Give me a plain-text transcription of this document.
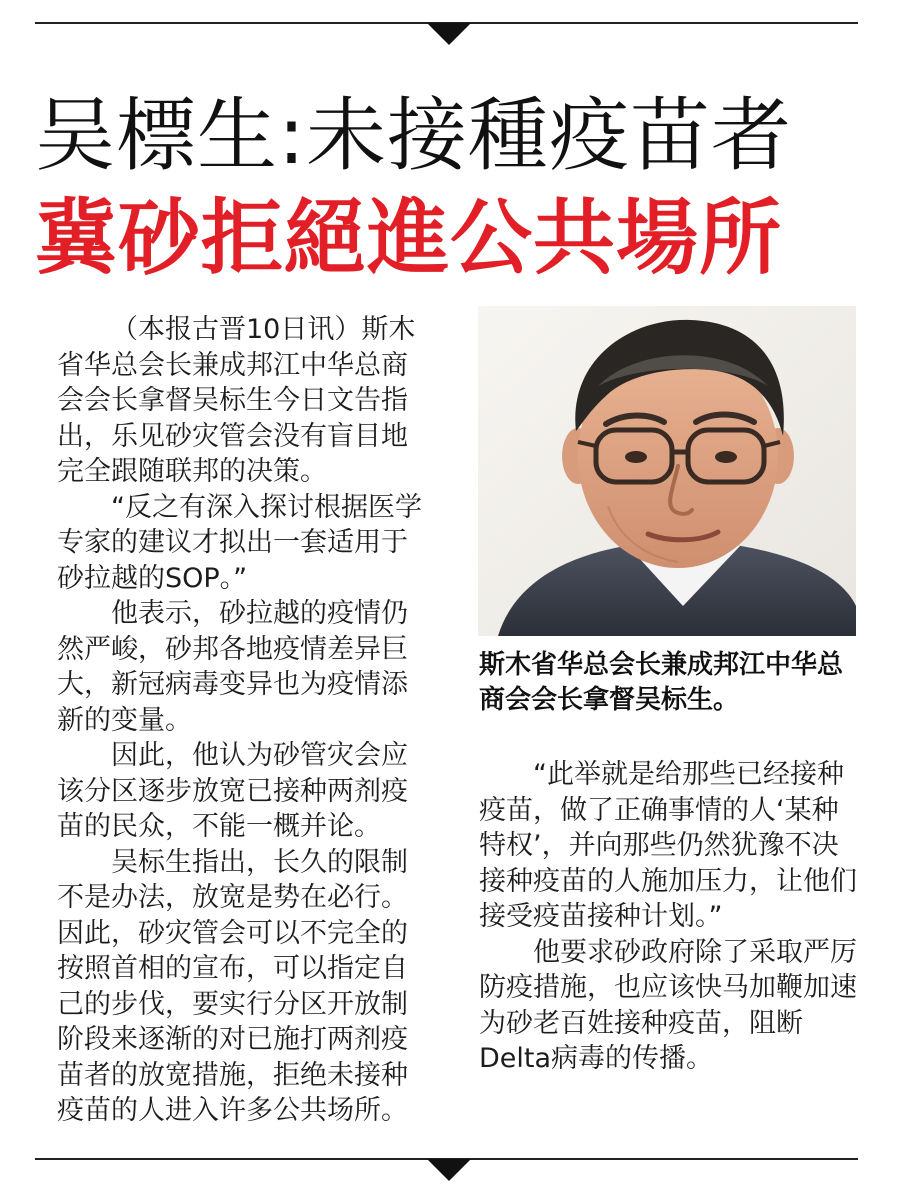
吴標生:未接種疫苗者
冀砂拒絕進公共場所

（本报古晋10日讯）斯木省华总会长兼成邦江中华总商会会长拿督吴标生今日文告指出，乐见砂灾管会没有盲目地完全跟随联邦的决策。

“反之有深入探讨根据医学专家的建议才拟出一套适用于砂拉越的SOP。”

他表示，砂拉越的疫情仍然严峻，砂邦各地疫情差异巨大，新冠病毒变异也为疫情添新的变量。

因此，他认为砂管灾会应该分区逐步放宽已接种两剂疫苗的民众，不能一概并论。

吴标生指出，长久的限制不是办法，放宽是势在必行。因此，砂灾管会可以不完全的按照首相的宣布，可以指定自己的步伐，要实行分区开放制阶段来逐渐的对已施打两剂疫苗者的放宽措施，拒绝未接种疫苗的人进入许多公共场所。

斯木省华总会长兼成邦江中华总商会会长拿督吴标生。

“此举就是给那些已经接种疫苗，做了正确事情的人‘某种特权’，并向那些仍然犹豫不决接种疫苗的人施加压力，让他们接受疫苗接种计划。”

他要求砂政府除了采取严厉防疫措施，也应该快马加鞭加速为砂老百姓接种疫苗，阻断Delta病毒的传播。
